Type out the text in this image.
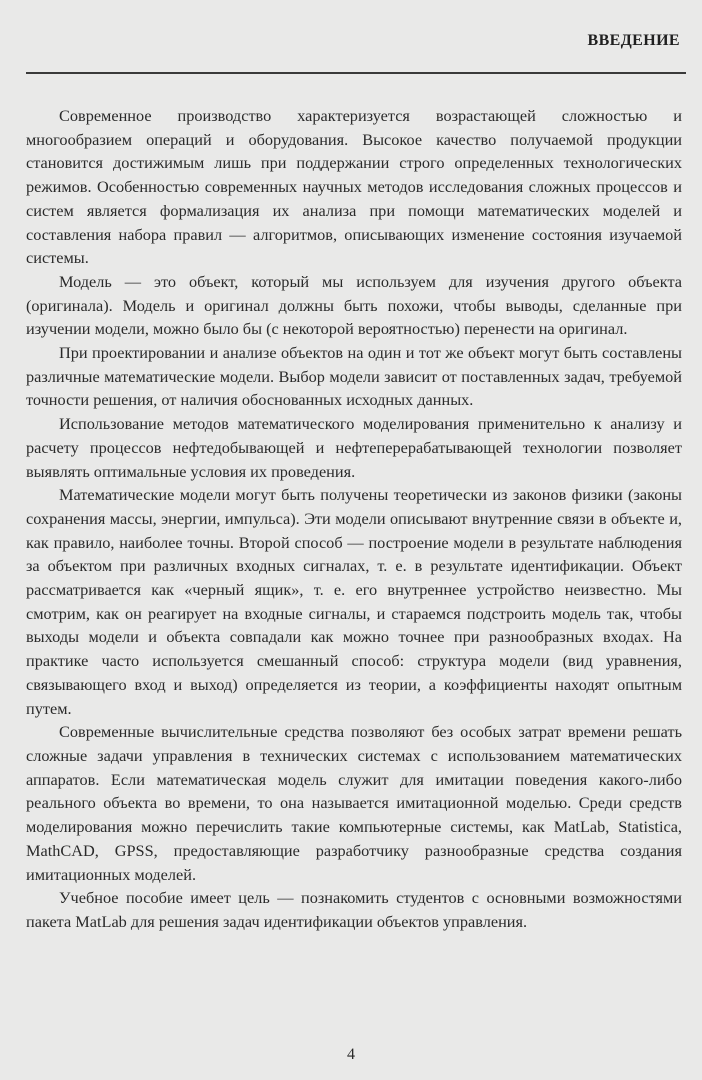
ВВЕДЕНИЕ

Современное производство характеризуется возрастающей сложностью и многообразием операций и оборудования. Высокое качество получаемой продукции становится достижимым лишь при поддержании строго определенных технологических режимов. Особенностью современных научных методов исследования сложных процессов и систем является формализация их анализа при помощи математических моделей и составления набора правил — алгоритмов, описывающих изменение состояния изучаемой системы.

Модель — это объект, который мы используем для изучения другого объекта (оригинала). Модель и оригинал должны быть похожи, чтобы выводы, сделанные при изучении модели, можно было бы (с некоторой вероятностью) перенести на оригинал.

При проектировании и анализе объектов на один и тот же объект могут быть составлены различные математические модели. Выбор модели зависит от поставленных задач, требуемой точности решения, от наличия обоснованных исходных данных.

Использование методов математического моделирования применительно к анализу и расчету процессов нефтедобывающей и нефтеперерабатывающей технологии позволяет выявлять оптимальные условия их проведения.

Математические модели могут быть получены теоретически из законов физики (законы сохранения массы, энергии, импульса). Эти модели описывают внутренние связи в объекте и, как правило, наиболее точны. Второй способ — построение модели в результате наблюдения за объектом при различных входных сигналах, т. е. в результате идентификации. Объект рассматривается как «черный ящик», т. е. его внутреннее устройство неизвестно. Мы смотрим, как он реагирует на входные сигналы, и стараемся подстроить модель так, чтобы выходы модели и объекта совпадали как можно точнее при разнообразных входах. На практике часто используется смешанный способ: структура модели (вид уравнения, связывающего вход и выход) определяется из теории, а коэффициенты находят опытным путем.

Современные вычислительные средства позволяют без особых затрат времени решать сложные задачи управления в технических системах с использованием математических аппаратов. Если математическая модель служит для имитации поведения какого-либо реального объекта во времени, то она называется имитационной моделью. Среди средств моделирования можно перечислить такие компьютерные системы, как MatLab, Statistica, MathCAD, GPSS, предоставляющие разработчику разнообразные средства создания имитационных моделей.

Учебное пособие имеет цель — познакомить студентов с основными возможностями пакета MatLab для решения задач идентификации объектов управления.

4
